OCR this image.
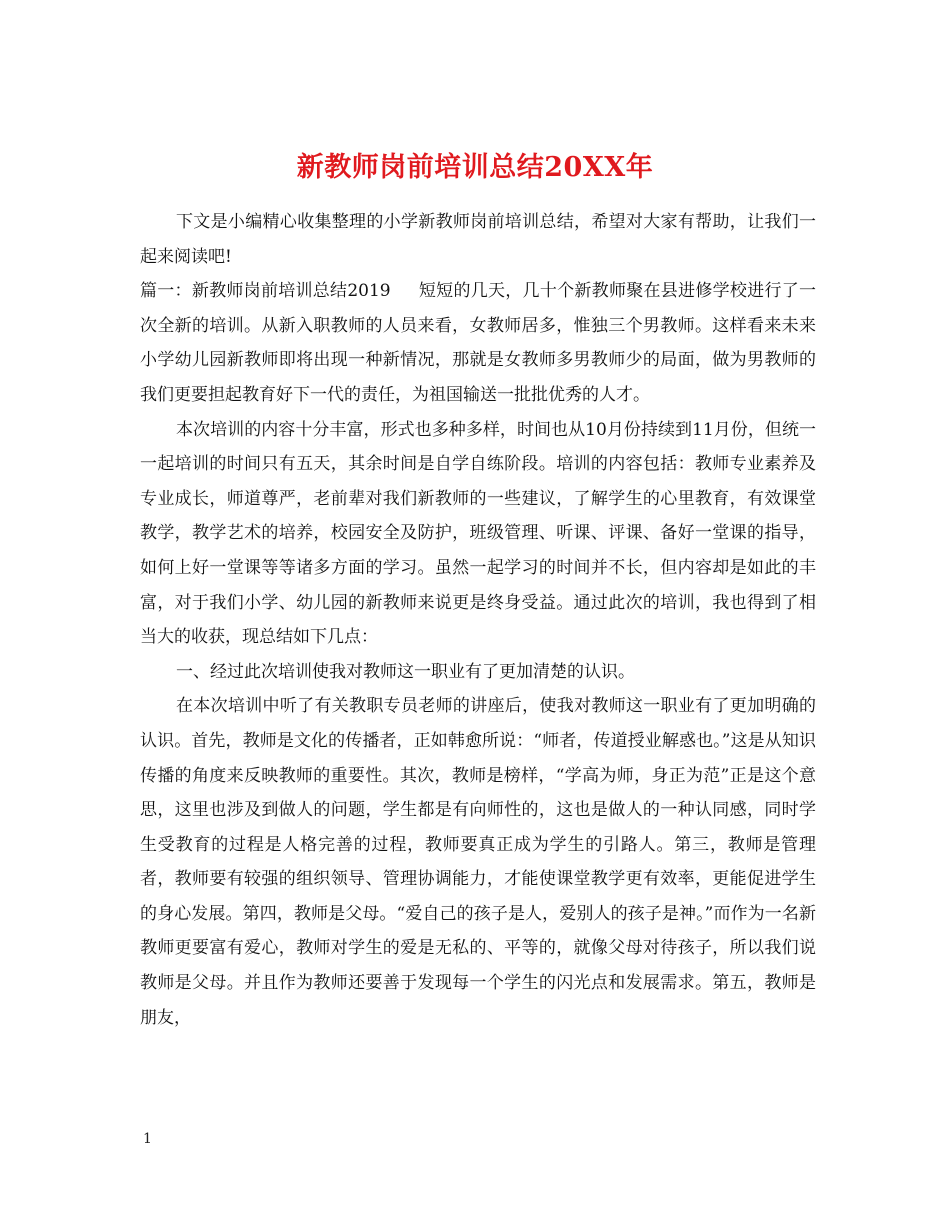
新教师岗前培训总结20XX年

下文是小编精心收集整理的小学新教师岗前培训总结，希望对大家有帮助，让我们一起来阅读吧!

篇一：新教师岗前培训总结2019 短短的几天，几十个新教师聚在县进修学校进行了一次全新的培训。从新入职教师的人员来看，女教师居多，惟独三个男教师。这样看来未来小学幼儿园新教师即将出现一种新情况，那就是女教师多男教师少的局面，做为男教师的我们更要担起教育好下一代的责任，为祖国输送一批批优秀的人才。

本次培训的内容十分丰富，形式也多种多样，时间也从10月份持续到11月份，但统一一起培训的时间只有五天，其余时间是自学自练阶段。培训的内容包括：教师专业素养及专业成长，师道尊严，老前辈对我们新教师的一些建议，了解学生的心里教育，有效课堂教学，教学艺术的培养，校园安全及防护，班级管理、听课、评课、备好一堂课的指导，如何上好一堂课等等诸多方面的学习。虽然一起学习的时间并不长，但内容却是如此的丰富，对于我们小学、幼儿园的新教师来说更是终身受益。通过此次的培训，我也得到了相当大的收获，现总结如下几点：

一、经过此次培训使我对教师这一职业有了更加清楚的认识。

在本次培训中听了有关教职专员老师的讲座后，使我对教师这一职业有了更加明确的认识。首先，教师是文化的传播者，正如韩愈所说：“师者，传道授业解惑也。”这是从知识传播的角度来反映教师的重要性。其次，教师是榜样，“学高为师，身正为范”正是这个意思，这里也涉及到做人的问题，学生都是有向师性的，这也是做人的一种认同感，同时学生受教育的过程是人格完善的过程，教师要真正成为学生的引路人。第三，教师是管理者，教师要有较强的组织领导、管理协调能力，才能使课堂教学更有效率，更能促进学生的身心发展。第四，教师是父母。“爱自己的孩子是人，爱别人的孩子是神。”而作为一名新教师更要富有爱心，教师对学生的爱是无私的、平等的，就像父母对待孩子，所以我们说教师是父母。并且作为教师还要善于发现每一个学生的闪光点和发展需求。第五，教师是朋友，

1
